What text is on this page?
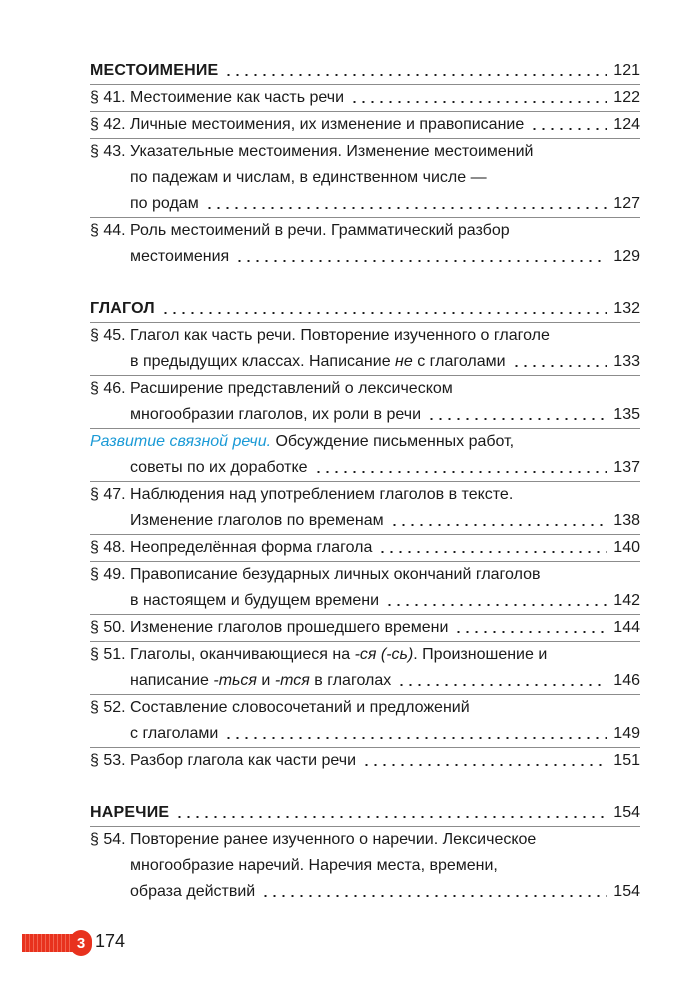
МЕСТОИМЕНИЕ	121
§ 41. Местоимение как часть речи	122
§ 42. Личные местоимения, их изменение и правописание	124
§ 43. Указательные местоимения. Изменение местоимений
по падежам и числам, в единственном числе —
по родам	127
§ 44. Роль местоимений в речи. Грамматический разбор
местоимения	129
ГЛАГОЛ	132
§ 45. Глагол как часть речи. Повторение изученного о глаголе
в предыдущих классах. Написание не с глаголами	133
§ 46. Расширение представлений о лексическом
многообразии глаголов, их роли в речи	135
Развитие связной речи. Обсуждение письменных работ,
советы по их доработке	137
§ 47. Наблюдения над употреблением глаголов в тексте.
Изменение глаголов по временам	138
§ 48. Неопределённая форма глагола	140
§ 49. Правописание безударных личных окончаний глаголов
в настоящем и будущем времени	142
§ 50. Изменение глаголов прошедшего времени	144
§ 51. Глаголы, оканчивающиеся на -ся (-сь). Произношение и
написание -ться и -тся в глаголах	146
§ 52. Составление словосочетаний и предложений
с глаголами	149
§ 53. Разбор глагола как части речи	151
НАРЕЧИЕ	154
§ 54. Повторение ранее изученного о наречии. Лексическое
многообразие наречий. Наречия места, времени,
образа действий	154
3 174
